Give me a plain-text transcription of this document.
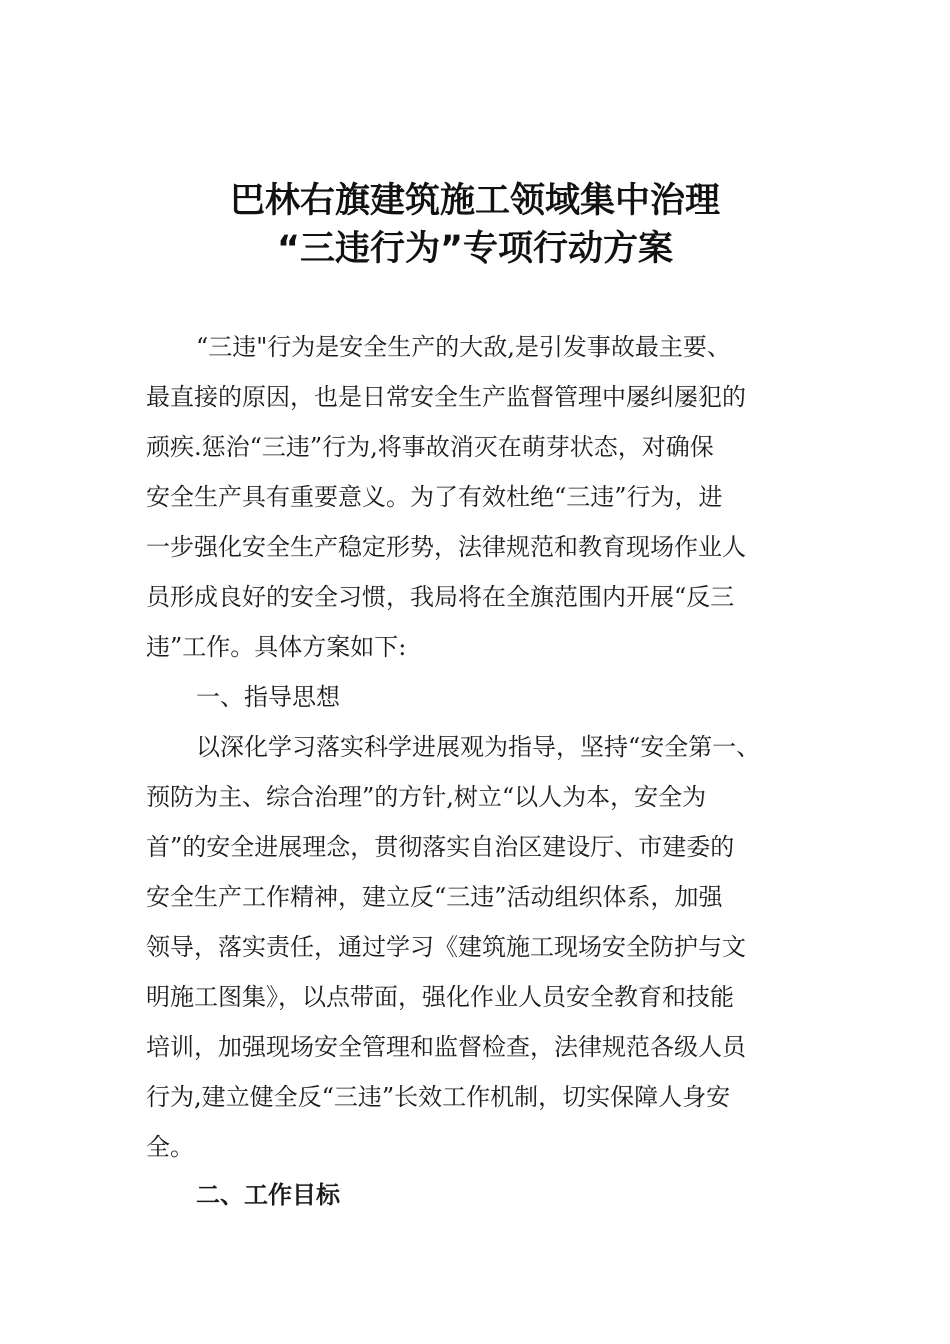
巴林右旗建筑施工领域集中治理
“三违行为”专项行动方案
“三违"行为是安全生产的大敌,是引发事故最主要、
最直接的原因，也是日常安全生产监督管理中屡纠屡犯的
顽疾.惩治“三违”行为,将事故消灭在萌芽状态，对确保
安全生产具有重要意义。为了有效杜绝“三违”行为，进
一步强化安全生产稳定形势，法律规范和教育现场作业人
员形成良好的安全习惯，我局将在全旗范围内开展“反三
违”工作。具体方案如下:
一、指导思想
以深化学习落实科学进展观为指导，坚持“安全第一、
预防为主、综合治理”的方针,树立“以人为本，安全为
首”的安全进展理念，贯彻落实自治区建设厅、市建委的
安全生产工作精神，建立反“三违”活动组织体系，加强
领导，落实责任，通过学习《建筑施工现场安全防护与文
明施工图集》，以点带面，强化作业人员安全教育和技能
培训，加强现场安全管理和监督检查，法律规范各级人员
行为,建立健全反“三违”长效工作机制，切实保障人身安
全。
二、工作目标
